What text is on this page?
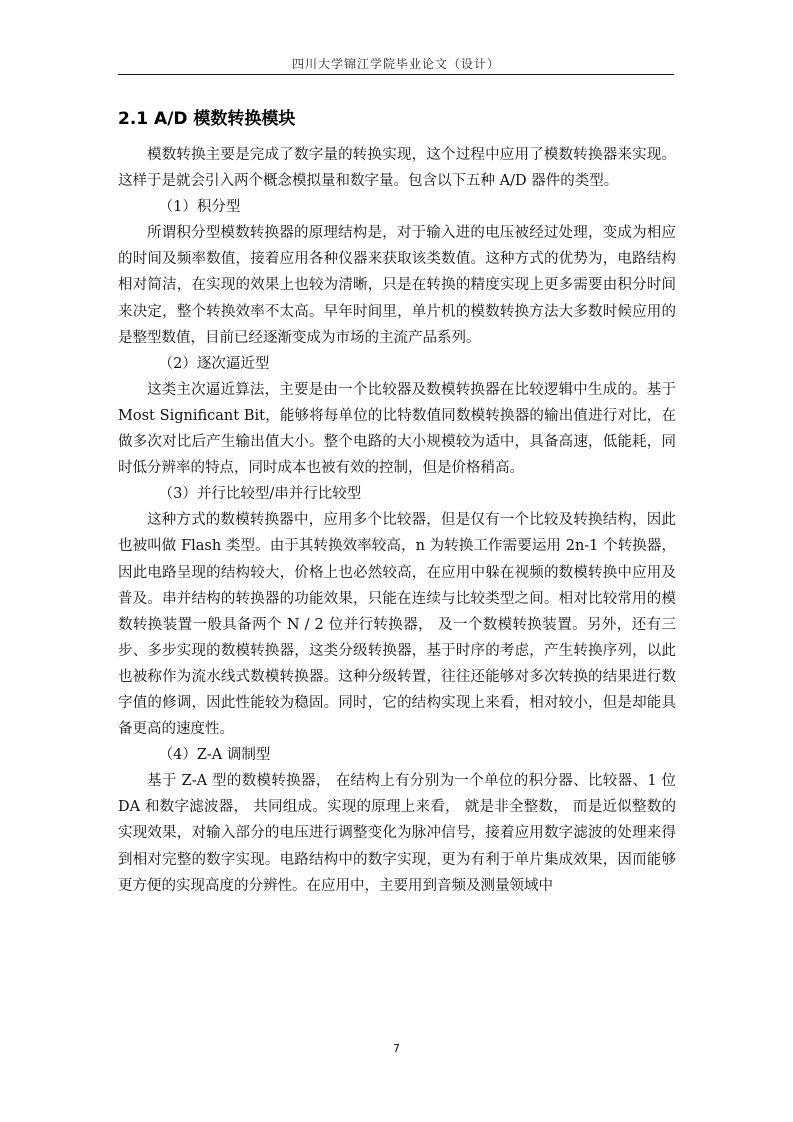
四川大学锦江学院毕业论文（设计）
2.1 A/D 模数转换模块

模数转换主要是完成了数字量的转换实现，这个过程中应用了模数转换器来实现。这样于是就会引入两个概念模拟量和数字量。包含以下五种 A/D 器件的类型。

（1）积分型

所谓积分型模数转换器的原理结构是，对于输入进的电压被经过处理，变成为相应的时间及频率数值，接着应用各种仪器来获取该类数值。这种方式的优势为，电路结构相对简洁，在实现的效果上也较为清晰，只是在转换的精度实现上更多需要由积分时间来决定，整个转换效率不太高。早年时间里，单片机的模数转换方法大多数时候应用的是整型数值，目前已经逐渐变成为市场的主流产品系列。

（2）逐次逼近型

这类主次逼近算法，主要是由一个比较器及数模转换器在比较逻辑中生成的。基于 Most Significant Bit，能够将每单位的比特数值同数模转换器的输出值进行对比，在做多次对比后产生输出值大小。整个电路的大小规模较为适中，具备高速，低能耗，同时低分辨率的特点，同时成本也被有效的控制，但是价格稍高。

（3）并行比较型/串并行比较型

这种方式的数模转换器中，应用多个比较器，但是仅有一个比较及转换结构，因此也被叫做 Flash 类型。由于其转换效率较高，n 为转换工作需要运用 2n-1 个转换器，因此电路呈现的结构较大，价格上也必然较高，在应用中躲在视频的数模转换中应用及普及。串并结构的转换器的功能效果，只能在连续与比较类型之间。相对比较常用的模数转换装置一般具备两个 N / 2 位并行转换器， 及一个数模转换装置。另外，还有三步、多步实现的数模转换器，这类分级转换器，基于时序的考虑，产生转换序列，以此也被称作为流水线式数模转换器。这种分级转置，往往还能够对多次转换的结果进行数字值的修调，因此性能较为稳固。同时，它的结构实现上来看，相对较小，但是却能具备更高的速度性。

（4）Z-A 调制型

基于 Z-A 型的数模转换器， 在结构上有分别为一个单位的积分器、比较器、1 位 DA 和数字滤波器， 共同组成。实现的原理上来看， 就是非全整数， 而是近似整数的实现效果，对输入部分的电压进行调整变化为脉冲信号，接着应用数字滤波的处理来得到相对完整的数字实现。电路结构中的数字实现，更为有利于单片集成效果，因而能够更方便的实现高度的分辨性。在应用中，主要用到音频及测量领域中

7
